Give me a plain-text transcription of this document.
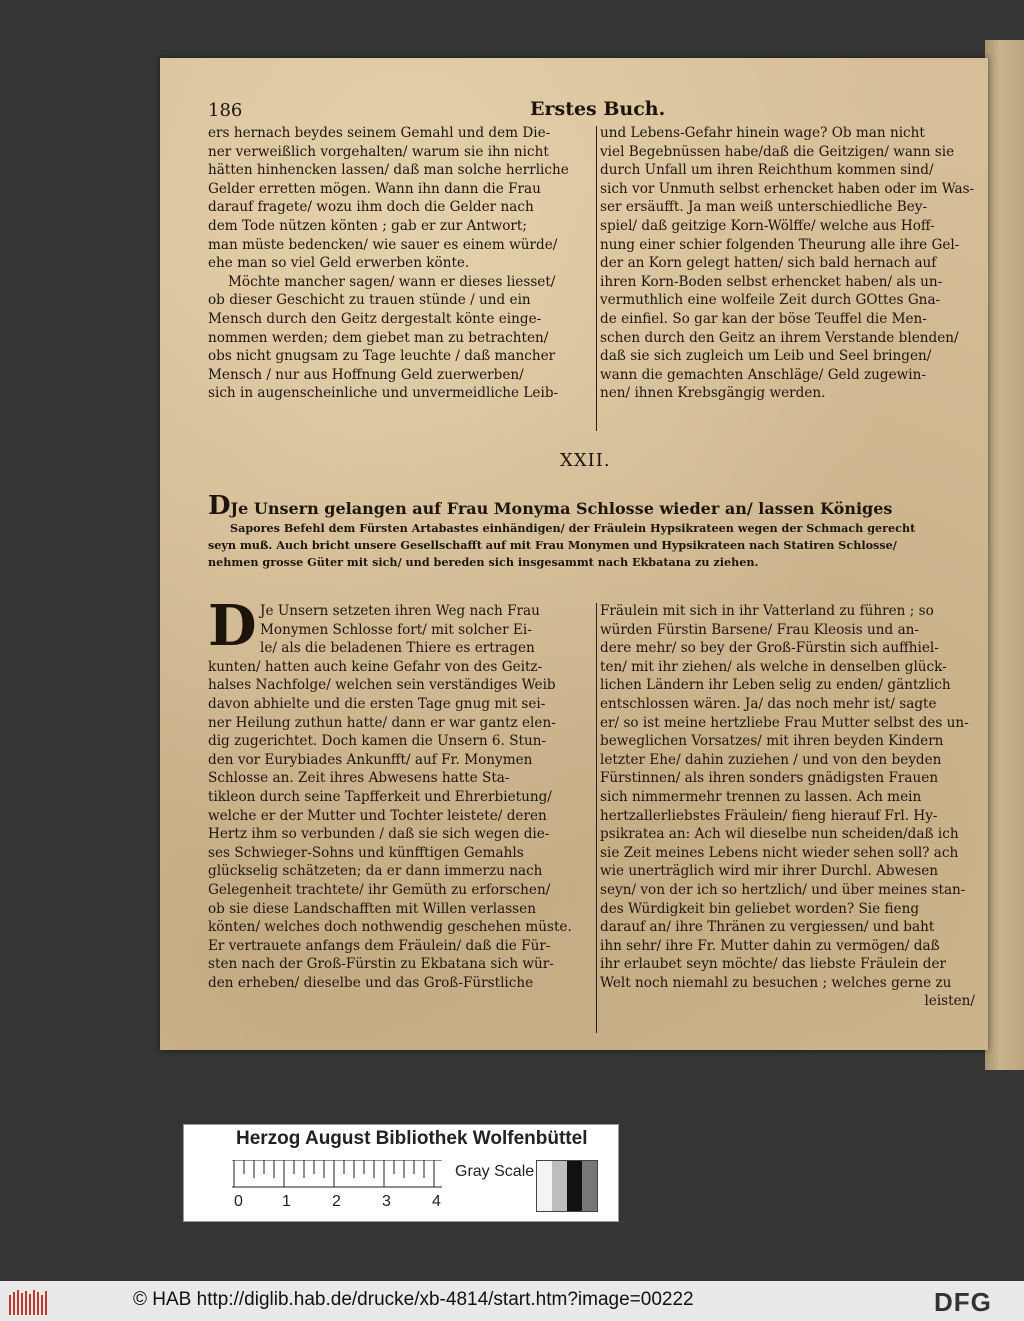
186	Erstes Buch.
ers hernach beydes seinem Gemahl und dem Die-
ner verweißlich vorgehalten/ warum sie ihn nicht
hätten hinhencken lassen/ daß man solche herrliche
Gelder erretten mögen. Wann ihn dann die Frau
darauf fragete/ wozu ihm doch die Gelder nach
dem Tode nützen könten ; gab er zur Antwort;
man müste bedencken/ wie sauer es einem würde/
ehe man so viel Geld erwerben könte.
Möchte mancher sagen/ wann er dieses liesset/
ob dieser Geschicht zu trauen stünde / und ein
Mensch durch den Geitz dergestalt könte einge-
nommen werden; dem giebet man zu betrachten/
obs nicht gnugsam zu Tage leuchte / daß mancher
Mensch / nur aus Hoffnung Geld zuerwerben/
sich in augenscheinliche und unvermeidliche Leib-
und Lebens-Gefahr hinein wage? Ob man nicht
viel Begebnüssen habe/daß die Geitzigen/ wann sie
durch Unfall um ihren Reichthum kommen sind/
sich vor Unmuth selbst erhencket haben oder im Was-
ser ersäufft. Ja man weiß unterschiedliche Bey-
spiel/ daß geitzige Korn-Wölffe/ welche aus Hoff-
nung einer schier folgenden Theurung alle ihre Gel-
der an Korn gelegt hatten/ sich bald hernach auf
ihren Korn-Boden selbst erhencket haben/ als un-
vermuthlich eine wolfeile Zeit durch GOttes Gna-
de einfiel. So gar kan der böse Teuffel die Men-
schen durch den Geitz an ihrem Verstande blenden/
daß sie sich zugleich um Leib und Seel bringen/
wann die gemachten Anschläge/ Geld zugewin-
nen/ ihnen Krebsgängig werden.
XXII.
DJe Unsern gelangen auf Frau Monyma Schlosse wieder an/ lassen Königes
Sapores Befehl dem Fürsten Artabastes einhändigen/ der Fräulein Hypsikrateen wegen der Schmach gerecht
seyn muß. Auch bricht unsere Gesellschafft auf mit Frau Monymen und Hypsikrateen nach Statiren Schlosse/
nehmen grosse Güter mit sich/ und bereden sich insgesammt nach Ekbatana zu ziehen.
D Je Unsern setzeten ihren Weg nach Frau
Monymen Schlosse fort/ mit solcher Ei-
le/ als die beladenen Thiere es ertragen
kunten/ hatten auch keine Gefahr von des Geitz-
halses Nachfolge/ welchen sein verständiges Weib
davon abhielte und die ersten Tage gnug mit sei-
ner Heilung zuthun hatte/ dann er war gantz elen-
dig zugerichtet. Doch kamen die Unsern 6. Stun-
den vor Eurybiades Ankunfft/ auf Fr. Monymen
Schlosse an. Zeit ihres Abwesens hatte Sta-
tikleon durch seine Tapfferkeit und Ehrerbietung/
welche er der Mutter und Tochter leistete/ deren
Hertz ihm so verbunden / daß sie sich wegen die-
ses Schwieger-Sohns und künfftigen Gemahls
glückselig schätzeten; da er dann immerzu nach
Gelegenheit trachtete/ ihr Gemüth zu erforschen/
ob sie diese Landschafften mit Willen verlassen
könten/ welches doch nothwendig geschehen müste.
Er vertrauete anfangs dem Fräulein/ daß die Für-
sten nach der Groß-Fürstin zu Ekbatana sich wür-
den erheben/ dieselbe und das Groß-Fürstliche
Fräulein mit sich in ihr Vatterland zu führen ; so
würden Fürstin Barsene/ Frau Kleosis und an-
dere mehr/ so bey der Groß-Fürstin sich auffhiel-
ten/ mit ihr ziehen/ als welche in denselben glück-
lichen Ländern ihr Leben selig zu enden/ gäntzlich
entschlossen wären. Ja/ das noch mehr ist/ sagte
er/ so ist meine hertzliebe Frau Mutter selbst des un-
beweglichen Vorsatzes/ mit ihren beyden Kindern
letzter Ehe/ dahin zuziehen / und von den beyden
Fürstinnen/ als ihren sonders gnädigsten Frauen
sich nimmermehr trennen zu lassen. Ach mein
hertzallerliebstes Fräulein/ fieng hierauf Frl. Hy-
psikratea an: Ach wil dieselbe nun scheiden/daß ich
sie Zeit meines Lebens nicht wieder sehen soll? ach
wie unerträglich wird mir ihrer Durchl. Abwesen
seyn/ von der ich so hertzlich/ und über meines stan-
des Würdigkeit bin geliebet worden? Sie fieng
darauf an/ ihre Thränen zu vergiessen/ und baht
ihn sehr/ ihre Fr. Mutter dahin zu vermögen/ daß
ihr erlaubet seyn möchte/ das liebste Fräulein der
Welt noch niemahl zu besuchen ; welches gerne zu
leisten/
Herzog August Bibliothek Wolfenbüttel
0 1	2	3	4
Gray Scale
© HAB http://diglib.hab.de/drucke/xb-4814/start.htm?image=00222	DFG
